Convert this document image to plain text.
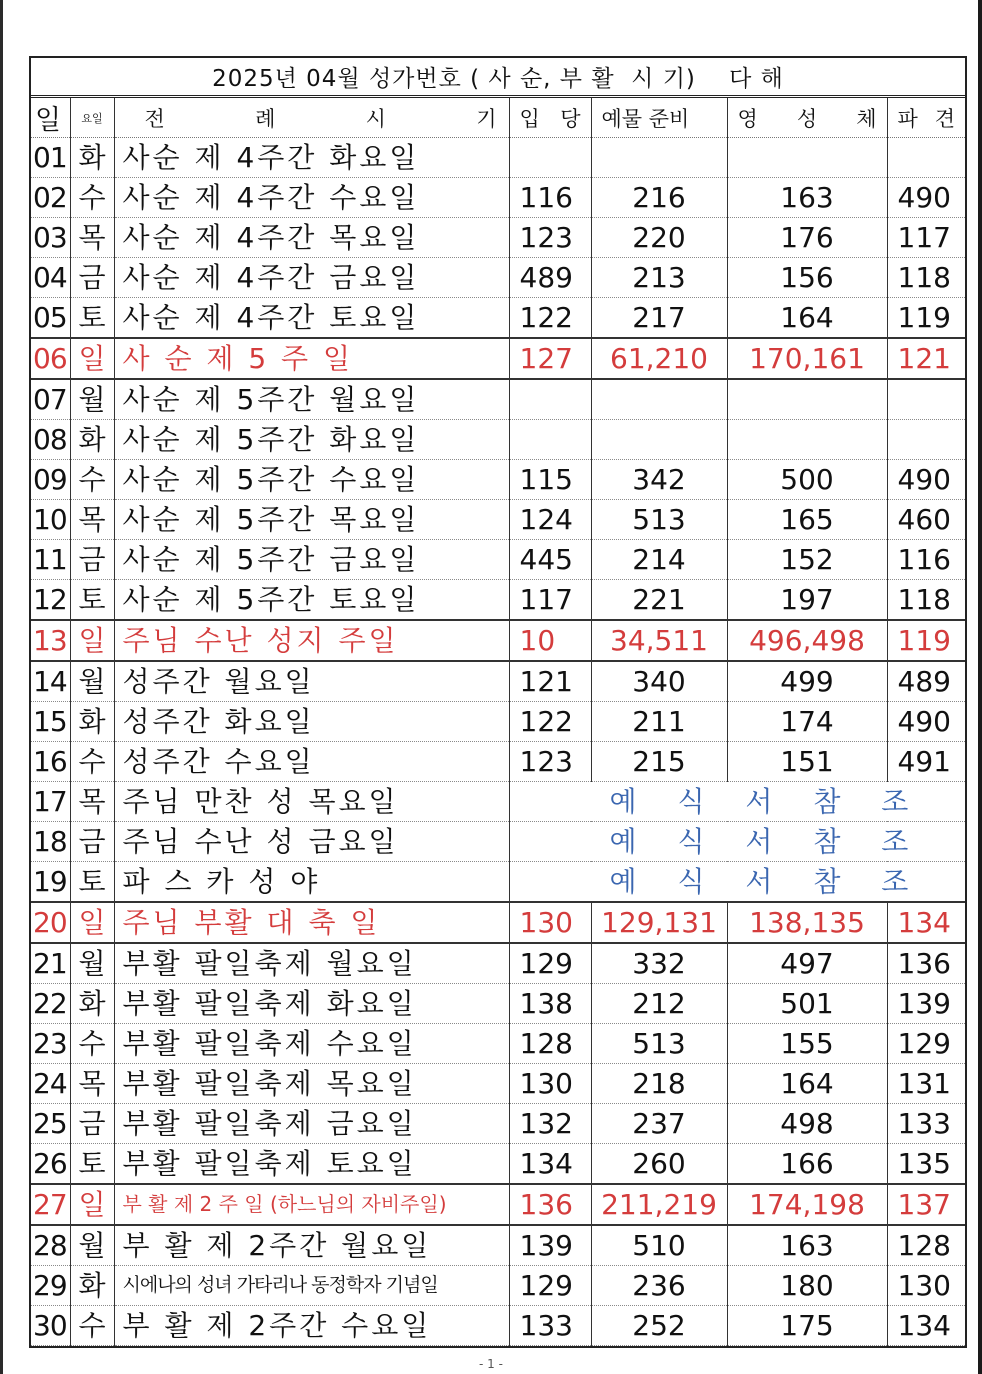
2025년 04월 성가번호 ( 사 순, 부 활  시 기)    다 해
일	요일	전 례 시 기	입 당	예물 준비	영 성 체	파 견

01	화	사순 제 4주간 화요일				
02	수	사순 제 4주간 수요일	116	216	163	490
03	목	사순 제 4주간 목요일	123	220	176	117
04	금	사순 제 4주간 금요일	489	213	156	118
05	토	사순 제 4주간 토요일	122	217	164	119
06	일	사 순 제 5 주 일	127	61,210	170,161	121
07	월	사순 제 5주간 월요일				
08	화	사순 제 5주간 화요일				
09	수	사순 제 5주간 수요일	115	342	500	490
10	목	사순 제 5주간 목요일	124	513	165	460
11	금	사순 제 5주간 금요일	445	214	152	116
12	토	사순 제 5주간 토요일	117	221	197	118
13	일	주님 수난 성지 주일	10	34,511	496,498	119
14	월	성주간 월요일	121	340	499	489
15	화	성주간 화요일	122	211	174	490
16	수	성주간 수요일	123	215	151	491
17	목	주님 만찬 성 목요일	예 식 서 참 조			
18	금	주님 수난 성 금요일	예 식 서 참 조			
19	토	파 스 카 성 야	예 식 서 참 조			
20	일	주님 부활 대 축 일	130	129,131	138,135	134
21	월	부활 팔일축제 월요일	129	332	497	136
22	화	부활 팔일축제 화요일	138	212	501	139
23	수	부활 팔일축제 수요일	128	513	155	129
24	목	부활 팔일축제 목요일	130	218	164	131
25	금	부활 팔일축제 금요일	132	237	498	133
26	토	부활 팔일축제 토요일	134	260	166	135
27	일	부 활 제 2 주 일 (하느님의 자비주일)	136	211,219	174,198	137
28	월	부 활 제 2주간 월요일	139	510	163	128
29	화	시에나의 성녀 가타리나 동정학자 기념일	129	236	180	130
30	수	부 활 제 2주간 수요일	133	252	175	134
- 1 -
